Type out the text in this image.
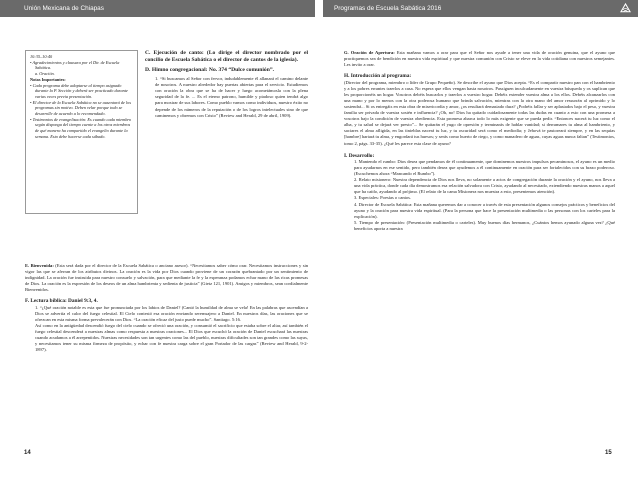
Unión Mexicana de Chiapas	Programas de Escuela Sabática 2016

10:35–10:40

• Agradecimientos y clausura por el Dir. de Escuela Sabática.

a. Oración.

Notas Importantes:

• Cada programa debe adaptarse al tiempo asignado durante la P. Sección y deberá ser practicado durante varias veces previa presentación.

• El director de la Escuela Sabática no se ausentará de los programas sin motivo. Deben velar porque todo se desarrolle de acuerdo a lo recomendado.

• Testimonios de evangelización: Es cuando cada miembro según disponga del tiempo cuente a los otros miembros de qué manera ha compartido el evangelio durante la semana. Esto debe hacerse cada sábado.

C. Ejecución de canto: (Lo dirige el director nombrado por el concilio de Escuela Sabática o el director de cantos de la iglesia).

D. Himno congregacional: No. 374 “Dulce comunión”.

1. “Si buscamos al Señor con fervor, indudablemente él allanará el camino delante de nosotros. A nuestro alrededor hay puertas abiertas para el servicio. Estudiemos con oración la obra que se ha de hacer y luego acometámosla con la plena seguridad de la fe. ... Es el eterno patrono, humilde y piadoso quien tendrá algo para mostrar de sus labores. Como pueblo vamos como individuos, nuestro éxito no depende de los números de la reputación o de los logros intelectuales sino de que caminemos y obremos con Cristo” (Review and Herald, 29 de abril, 1909).

E. Bienvenida: (Esta será dada por el director de la Escuela Sabática o anciano asesor). “Necesitamos saber cómo orar. Necesitamos instrucciones y sin vigor las que se aferran de los atributos divinos. La oración es la vida por Dios cuando proviene de un corazón quebrantado por un sentimiento de indignidad. La oración fue instruida para nuestro consuelo y salvación, para que mediante la fe y la esperanza podamos echar mano de las ricas promesas de Dios. La oración es la expresión de los deseos de un alma hambrienta y sedienta de justicia” (Gietz 121, 1901). Amigos y miembros, sean cordialmente Bienvenidos.

F. Lectura bíblica: Daniel 9:3, 4.

1. “¿Qué oración notable es esta que fue pronunciada por los labios de Daniel? (Cantó la humildad de alma se vela! En las palabras que ascendían a Dios se advertía el calor del fuego celestial. El Cielo contestó esa oración enviando seremsajero a Daniel. En nuestros días, las oraciones que se ofrezcan en esta misma forma prevalecerán con Dios. “La oración eficaz del justo puede mucho”. Santiago. 5:16.

Así como en la antigüedad descendió fuego del cielo cuando se ofreció una oración, y consumió el sacrificio que estaba sobre el altar, así también el fuego celestial descenderá a nuestras almas como respuesta a nuestras oraciones... El Dios que escuchó la oración de Daniel escuchará las nuestras cuando acudamos a él arrepentidos. Nuestras necesidades son tan urgentes como las del pueblo, nuestras dificultades son tan grandes como las suyas, y necesitamos tener su misma firmeza de propósito, y echar con fe nuestra carga sobre el gran Portador de las cargas” (Review and Herald, 9-2-1897).

G. Oración de Apertura: Esta mañana vamos a orar para que el Señor nos ayude a tener una vida de oración genuina, que el ayuno que practiquemos sea de bendición en nuestra vida espiritual y que nuestra comunión con Cristo se eleve en la vida cotidiana con nuestros semejantes. Les invito a orar.

H. Introducción al programa:

(Director del programa, miembro o líder de Grupo Pequeño). Se describe el ayuno que Dios acepta. “Es el compartir nuestro pan con el hambriento y a los pobres errantes traerlos a casa. No espera que ellos vengan hasta nosotros. Passiguen inculcadamente en vuestra búsqueda y os suplican que les proporcionéis un hogar. Vosotros debéis buscarlos y traerlos a vuestro hogar. Debéis extender vuestra alma a los ellos. Debéis alcanzarlos con una mano y por lo menos con la otra poderosa humano que brinda salvación, mientras con la otra mano del amor ressurrán al oprimido y lo sostendrá... Si os entregáis en esta obra de misericordia y amor, ¿os resultará demasiado dura? ¿Podréis fallar y ser aplastados bajo el peso, y vuestra familia ser privada de vuestra sostén e influencia? ¡Oh, no! Dios ha quitado cuidadosamente todas las dudas en cuanto a esto con una promesa a vosotros bajo la condición de vuestra obediencia. Esta promesa abarca todo lo más exigente que se pueda pedir. “Entonces nacerá tu luz como el alba, y tu salud se dejará ver presto”... Se quitarán el yugo de opresión y terminarás de hablar vanidad; si derramares tu alma al hambriento, y saciares el alma afligida, en las tinieblas nacerá tu luz, y tu oscuridad será como el mediodía; y Jehová te pastoreará siempre, y en las sequías [hambre] hartará tu alma, y engordará tus huesos; y serás como huerto de riego, y como manadero de aguas, cuyas aguas nunca faltan” (Testimonios, tomo 2, págs. 33-35). ¿Qué les parece esta clase de ayuno?

I. Desarrollo:

1. Mantendo el rumbo: Dios desea que pendamos de él continuamente, que dominemos nuestros impulsos pecaminosos, el ayuno es un medio para ayudarnos en ese sentido, pero también desea que ayudemos a él continuamente en oración para ser fortalecidos con su brazo poderoso. (Escuchemos ahora “Mancando el Rumbo”).

2. Relato misionero: Nuestra dependencia de Dios nos lleva, no solamente a actos de congregación durante la oración y el ayuno, nos lleva a una vida práctica, donde cada día demostramos esa relación salvadora con Cristo, ayudando al necesitado, extendiendo nuestras manos a aquel que ha caído, ayudando al prójimo. (El relato de la cama Misionera nos muestra a esto, presentemos atención).

3. Especiales: Poesías o cantos.

4. Director de Escuela Sabática: Esta mañana queremos dar a conocer a través de esta presentación algunos consejos prácticos y beneficios del ayuno y la oración para nuestra vida espiritual. (Para la persona que hace la presentación multimedia o las personas con los carteles para la explicación).

5. Tiempo de presentación: (Presentación multimedia o carteles). Muy buenos días hermanos, ¿Cuántos hemos ayunado alguna vez? ¿Qué beneficios aporta a nuestra

14	15
